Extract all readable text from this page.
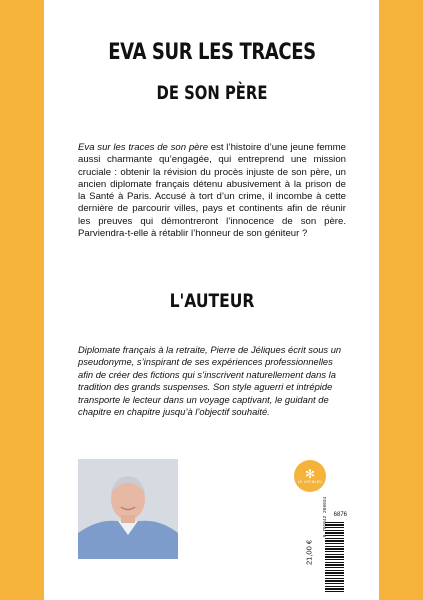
EVA SUR LES TRACES
DE SON PÈRE

Eva sur les traces de son père est l’histoire d’une jeune femme aussi charmante qu’engagée, qui entreprend une mission cruciale : obtenir la révision du procès injuste de son père, un ancien diplomate français détenu abusivement à la prison de la Santé à Paris. Accusé à tort d’un crime, il incombe à cette dernière de parcourir villes, pays et continents afin de réunir les preuves qui démontreront l’innocence de son père. Parviendra-t-elle à rétablir l’honneur de son géniteur ?

L'AUTEUR

Diplomate français à la retraite, Pierre de Jéliques écrit sous un pseudonyme, s’inspirant de ses expériences professionnelles afin de créer des fictions qui s’inscrivent naturellement dans la tradition des grands suspenses. Son style aguerri et intrépide transporte le lecteur dans un voyage captivant, le guidant de chapitre en chapitre jusqu’à l’objectif souhaité.

✻
LE LYS BLEU
6876
21,00 €
9 791042 206934
